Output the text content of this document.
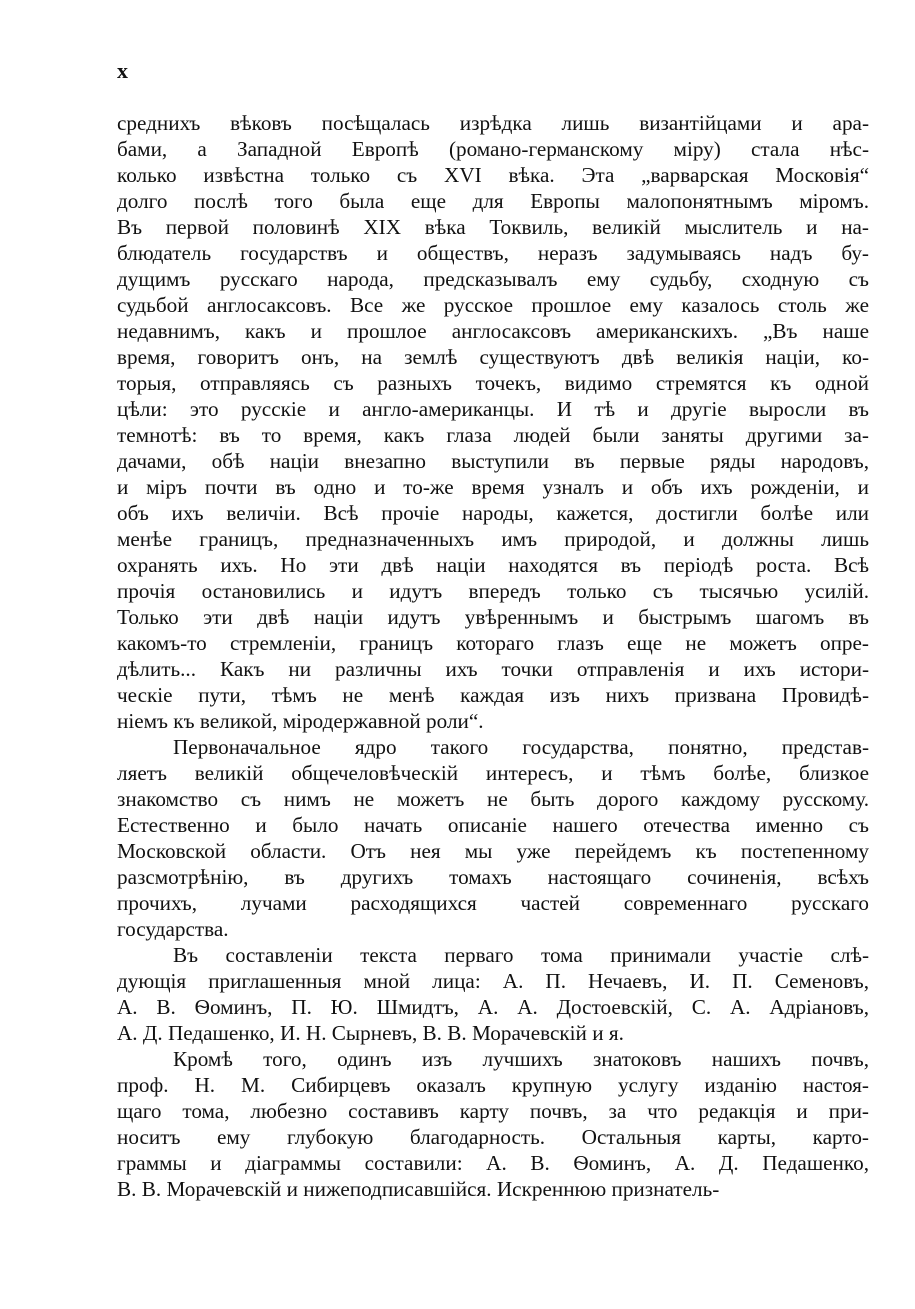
x

среднихъ вѣковъ посѣщалась изрѣдка лишь византійцами и ара-
бами, а Западной Европѣ (романо-германскому міру) стала нѣс-
колько извѣстна только съ XVI вѣка. Эта „варварская Московія“
долго послѣ того была еще для Европы малопонятнымъ міромъ.
Въ первой половинѣ XIX вѣка Токвиль, великій мыслитель и на-
блюдатель государствъ и обществъ, неразъ задумываясь надъ бу-
дущимъ русскаго народа, предсказывалъ ему судьбу, сходную съ
судьбой англосаксовъ. Все же русское прошлое ему казалось столь же
недавнимъ, какъ и прошлое англосаксовъ американскихъ. „Въ наше
время, говоритъ онъ, на землѣ существуютъ двѣ великія націи, ко-
торыя, отправляясь съ разныхъ точекъ, видимо стремятся къ одной
цѣли: это русскіе и англо-американцы. И тѣ и другіе выросли въ
темнотѣ: въ то время, какъ глаза людей были заняты другими за-
дачами, обѣ націи внезапно выступили въ первые ряды народовъ,
и міръ почти въ одно и то-же время узналъ и объ ихъ рожденіи, и
объ ихъ величіи. Всѣ прочіе народы, кажется, достигли болѣе или
менѣе границъ, предназначенныхъ имъ природой, и должны лишь
охранять ихъ. Но эти двѣ націи находятся въ періодѣ роста. Всѣ
прочія остановились и идутъ впередъ только съ тысячью усилій.
Только эти двѣ націи идутъ увѣреннымъ и быстрымъ шагомъ въ
какомъ-то стремленіи, границъ котораго глазъ еще не можетъ опре-
дѣлить... Какъ ни различны ихъ точки отправленія и ихъ истори-
ческіе пути, тѣмъ не менѣ каждая изъ нихъ призвана Провидѣ-
ніемъ къ великой, міродержавной роли“.

Первоначальное ядро такого государства, понятно, представ-
ляетъ великій общечеловѣческій интересъ, и тѣмъ болѣе, близкое
знакомство съ нимъ не можетъ не быть дорого каждому русскому.
Естественно и было начать описаніе нашего отечества именно съ
Московской области. Отъ нея мы уже перейдемъ къ постепенному
разсмотрѣнію, въ другихъ томахъ настоящаго сочиненія, всѣхъ
прочихъ, лучами расходящихся частей современнаго русскаго
государства.

Въ составленіи текста перваго тома принимали участіе слѣ-
дующія приглашенныя мной лица: А. П. Нечаевъ, И. П. Семеновъ,
А. В. Ѳоминъ, П. Ю. Шмидтъ, А. А. Достоевскій, С. А. Адріановъ,
А. Д. Педашенко, И. Н. Сырневъ, В. В. Морачевскій и я.

Кромѣ того, одинъ изъ лучшихъ знатоковъ нашихъ почвъ,
проф. Н. М. Сибирцевъ оказалъ крупную услугу изданію настоя-
щаго тома, любезно составивъ карту почвъ, за что редакція и при-
носитъ ему глубокую благодарность. Остальныя карты, карто-
граммы и діаграммы составили: А. В. Ѳоминъ, А. Д. Педашенко,
В. В. Морачевскій и нижеподписавшійся. Искреннюю признатель-
